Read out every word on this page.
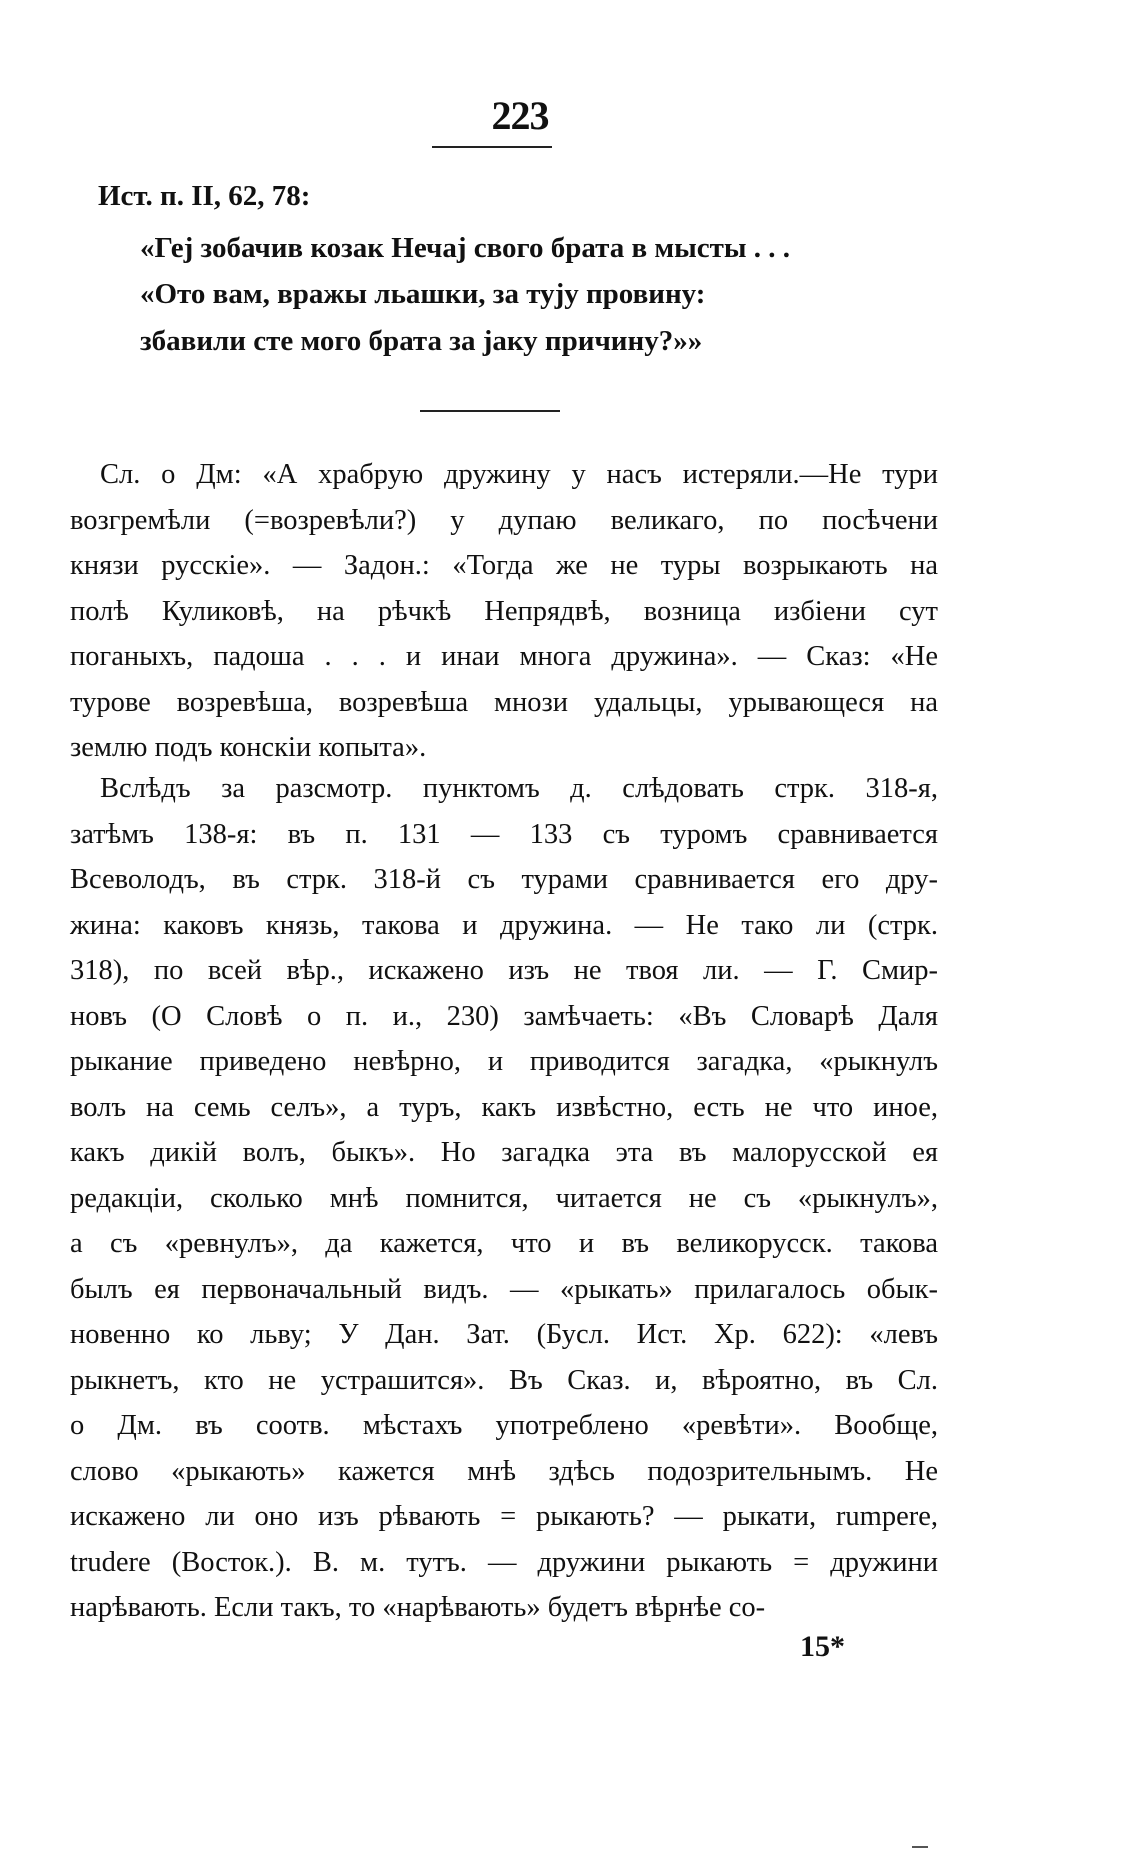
223
Ист. п. II, 62, 78:
«Геј зобачив козак Нечај свого брата в мысты . . .
«Ото вам, вражы льашки, за тују провину:
збавили сте мого брата за јаку причину?»»
Сл. о Дм: «А храбрую дружину у насъ истеряли.—Не тури
возгремѣли (=возревѣли?) у дупаю великаго, по посѣчени
князи русскіе». — Задон.: «Тогда же не туры возрыкають на
полѣ Куликовѣ, на рѣчкѣ Непрядвѣ, возница избіени сут
поганыхъ, падоша . . . и инаи многа дружина». — Сказ: «Не
турове возревѣша, возревѣша мнози удальцы, урывающеся на
землю подъ конскіи копыта».
Вслѣдъ за разсмотр. пунктомъ д. слѣдовать стрк. 318-я,
затѣмъ 138-я: въ п. 131 — 133 съ туромъ сравнивается
Всеволодъ, въ стрк. 318-й съ турами сравнивается его дру-
жина: каковъ князь, такова и дружина. — Не тако ли (стрк.
318), по всей вѣр., искажено изъ не твоя ли. — Г. Смир-
новъ (О Словѣ о п. и., 230) замѣчаеть: «Въ Словарѣ Даля
рыкание приведено невѣрно, и приводится загадка, «рыкнулъ
волъ на семь селъ», а туръ, какъ извѣстно, есть не что иное,
какъ дикій волъ, быкъ». Но загадка эта въ малорусской ея
редакціи, сколько мнѣ помнится, читается не съ «рыкнулъ»,
а съ «ревнулъ», да кажется, что и въ великорусск. такова
былъ ея первоначальный видъ. — «рыкать» прилагалось обык-
новенно ко льву; У Дан. Зат. (Бусл. Ист. Хр. 622): «левъ
рыкнетъ, кто не устрашится». Въ Сказ. и, вѣроятно, въ Сл.
о Дм. въ соотв. мѣстахъ употреблено «ревѣти». Вообще,
слово «рыкають» кажется мнѣ здѣсь подозрительнымъ. Не
искажено ли оно изъ рѣвають = рыкають? — рыкати, rumpere,
trudere (Восток.). В. м. тутъ. — дружини рыкають = дружини
нарѣвають. Если такъ, то «нарѣвають» будетъ вѣрнѣе со-
15*
